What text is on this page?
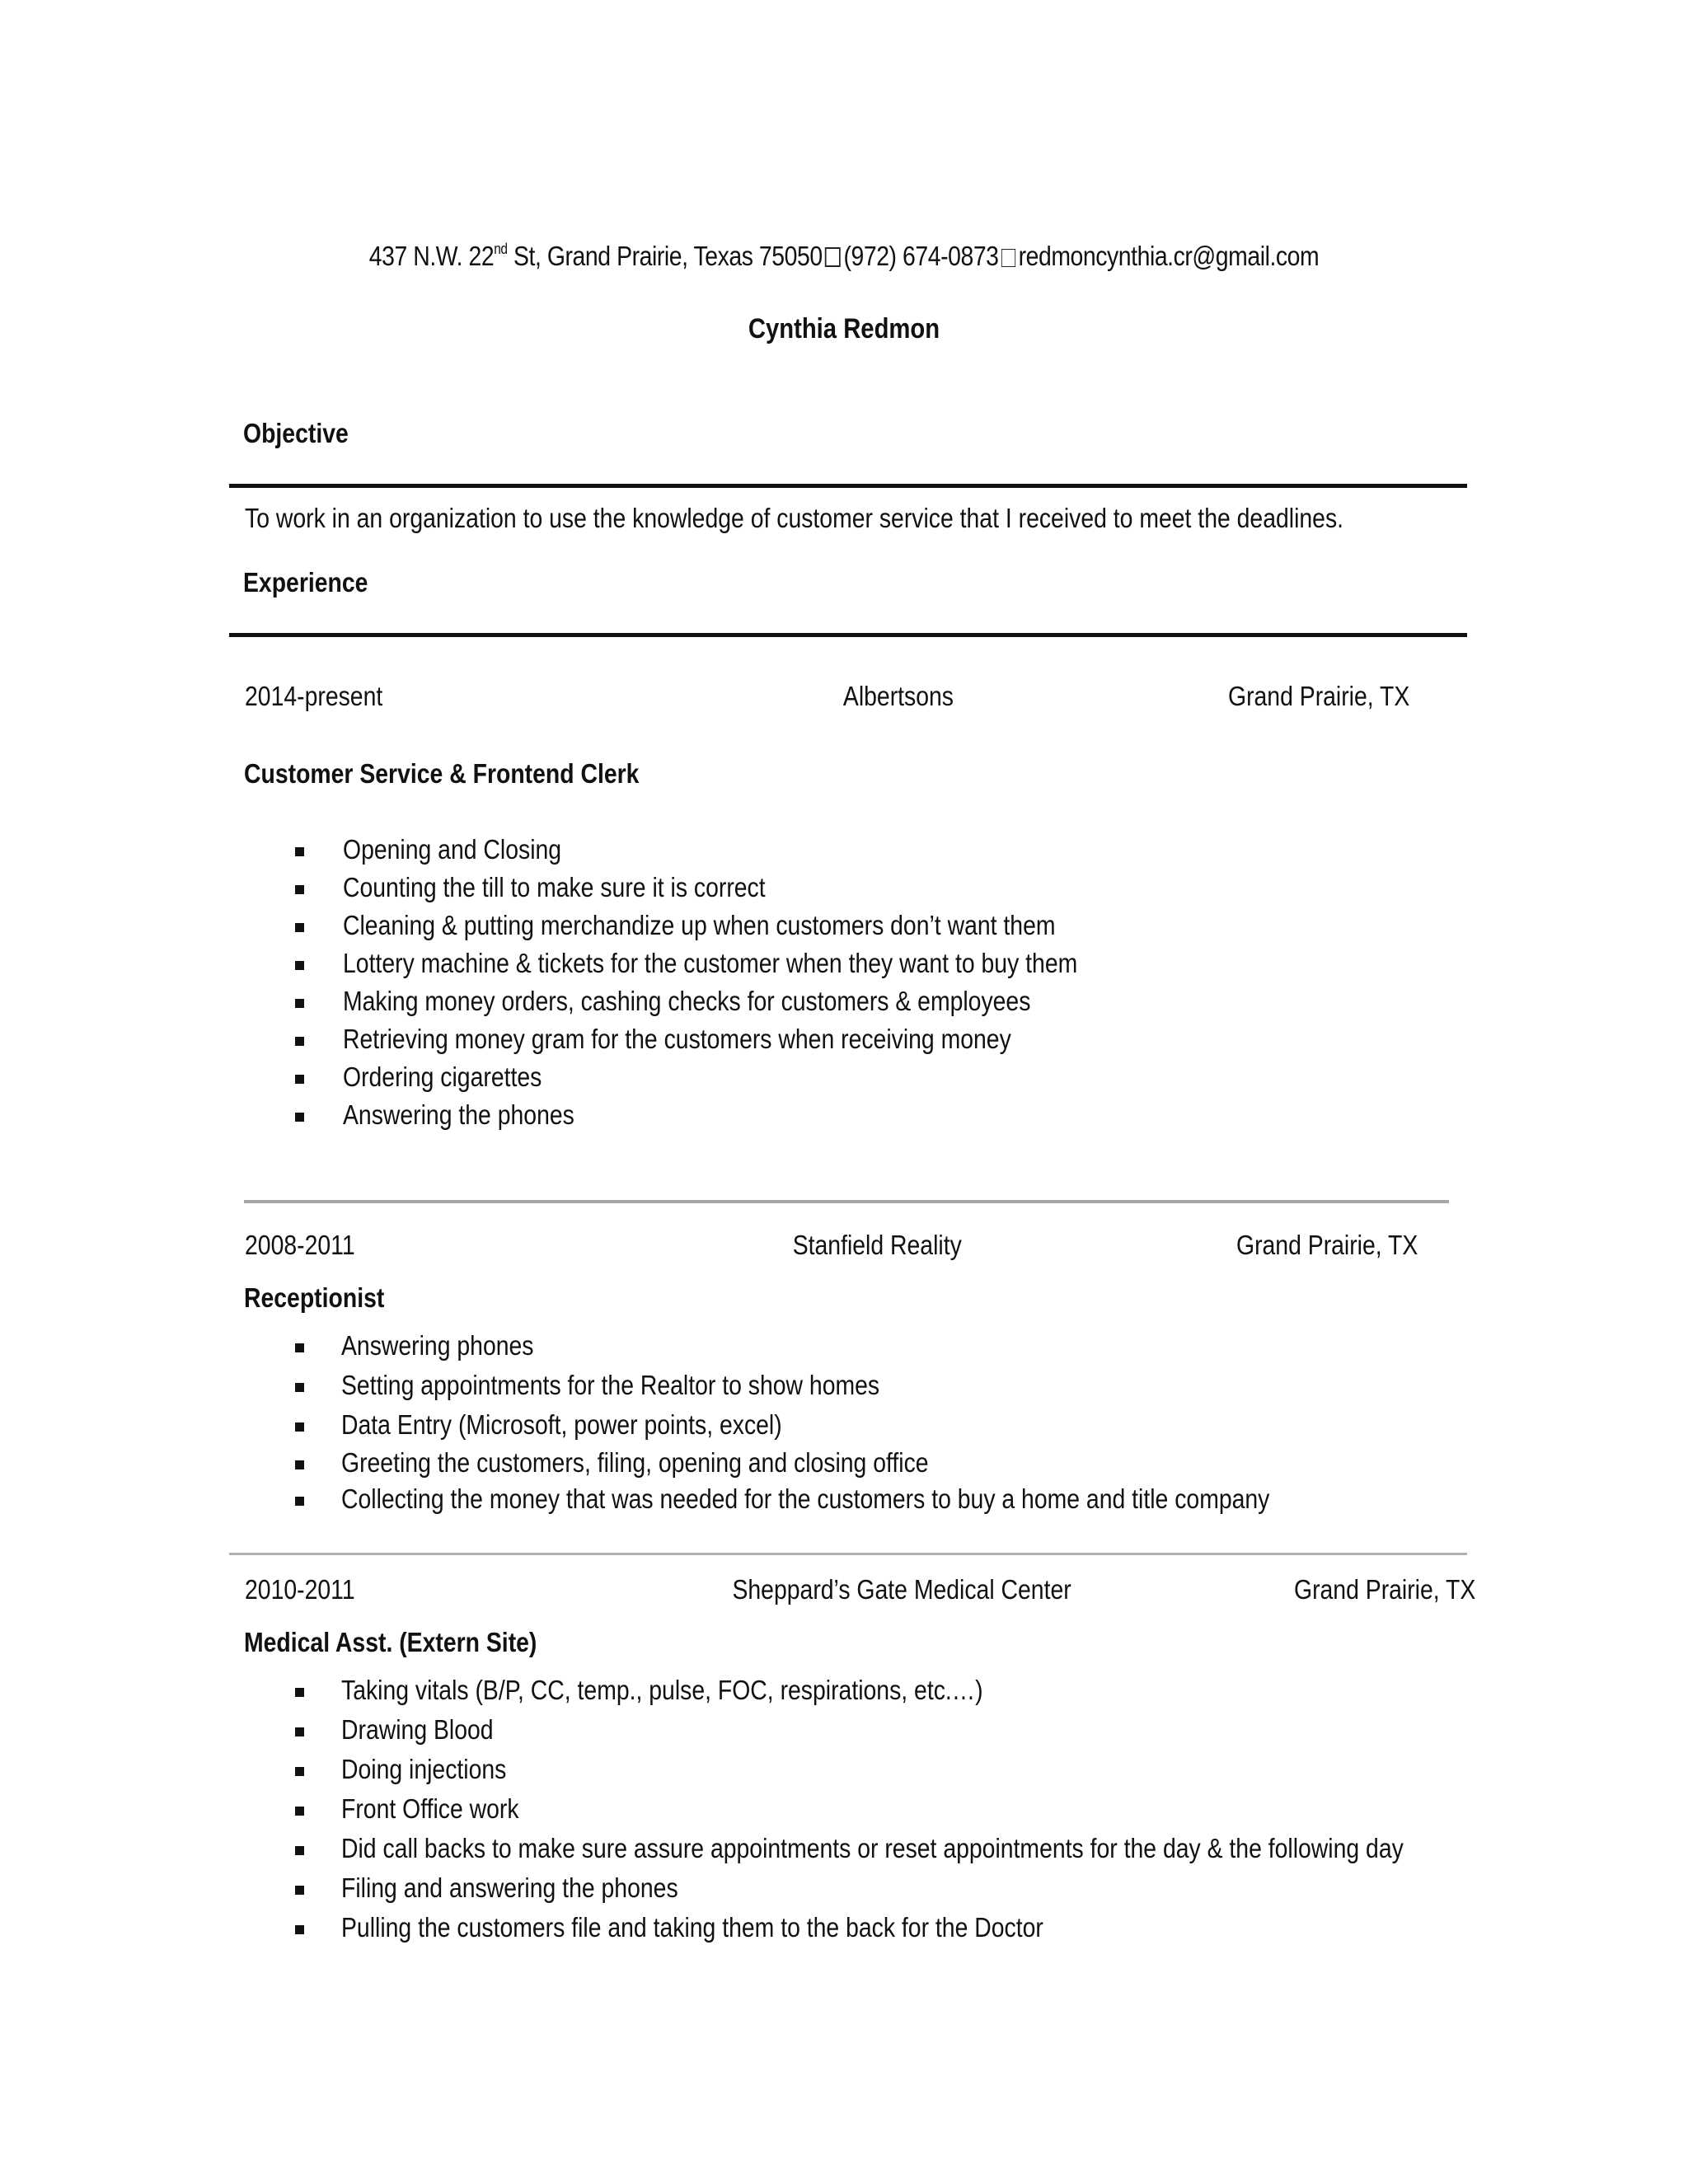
437 N.W. 22nd St, Grand Prairie, Texas 75050 (972) 674-0873 redmoncynthia.cr@gmail.com
Cynthia Redmon
Objective
To work in an organization to use the knowledge of customer service that I received to meet the deadlines.
Experience
2014-present	Albertsons	Grand Prairie, TX
Customer Service & Frontend Clerk
Opening and Closing
Counting the till to make sure it is correct
Cleaning & putting merchandize up when customers don’t want them
Lottery machine & tickets for the customer when they want to buy them
Making money orders, cashing checks for customers & employees
Retrieving money gram for the customers when receiving money
Ordering cigarettes
Answering the phones
2008-2011	Stanfield Reality	Grand Prairie, TX
Receptionist
Answering phones
Setting appointments for the Realtor to show homes
Data Entry (Microsoft, power points, excel)
Greeting the customers, filing, opening and closing office
Collecting the money that was needed for the customers to buy a home and title company
2010-2011	Sheppard’s Gate Medical Center	Grand Prairie, TX
Medical Asst. (Extern Site)
Taking vitals (B/P, CC, temp., pulse, FOC, respirations, etc.…)
Drawing Blood
Doing injections
Front Office work
Did call backs to make sure assure appointments or reset appointments for the day & the following day
Filing and answering the phones
Pulling the customers file and taking them to the back for the Doctor
